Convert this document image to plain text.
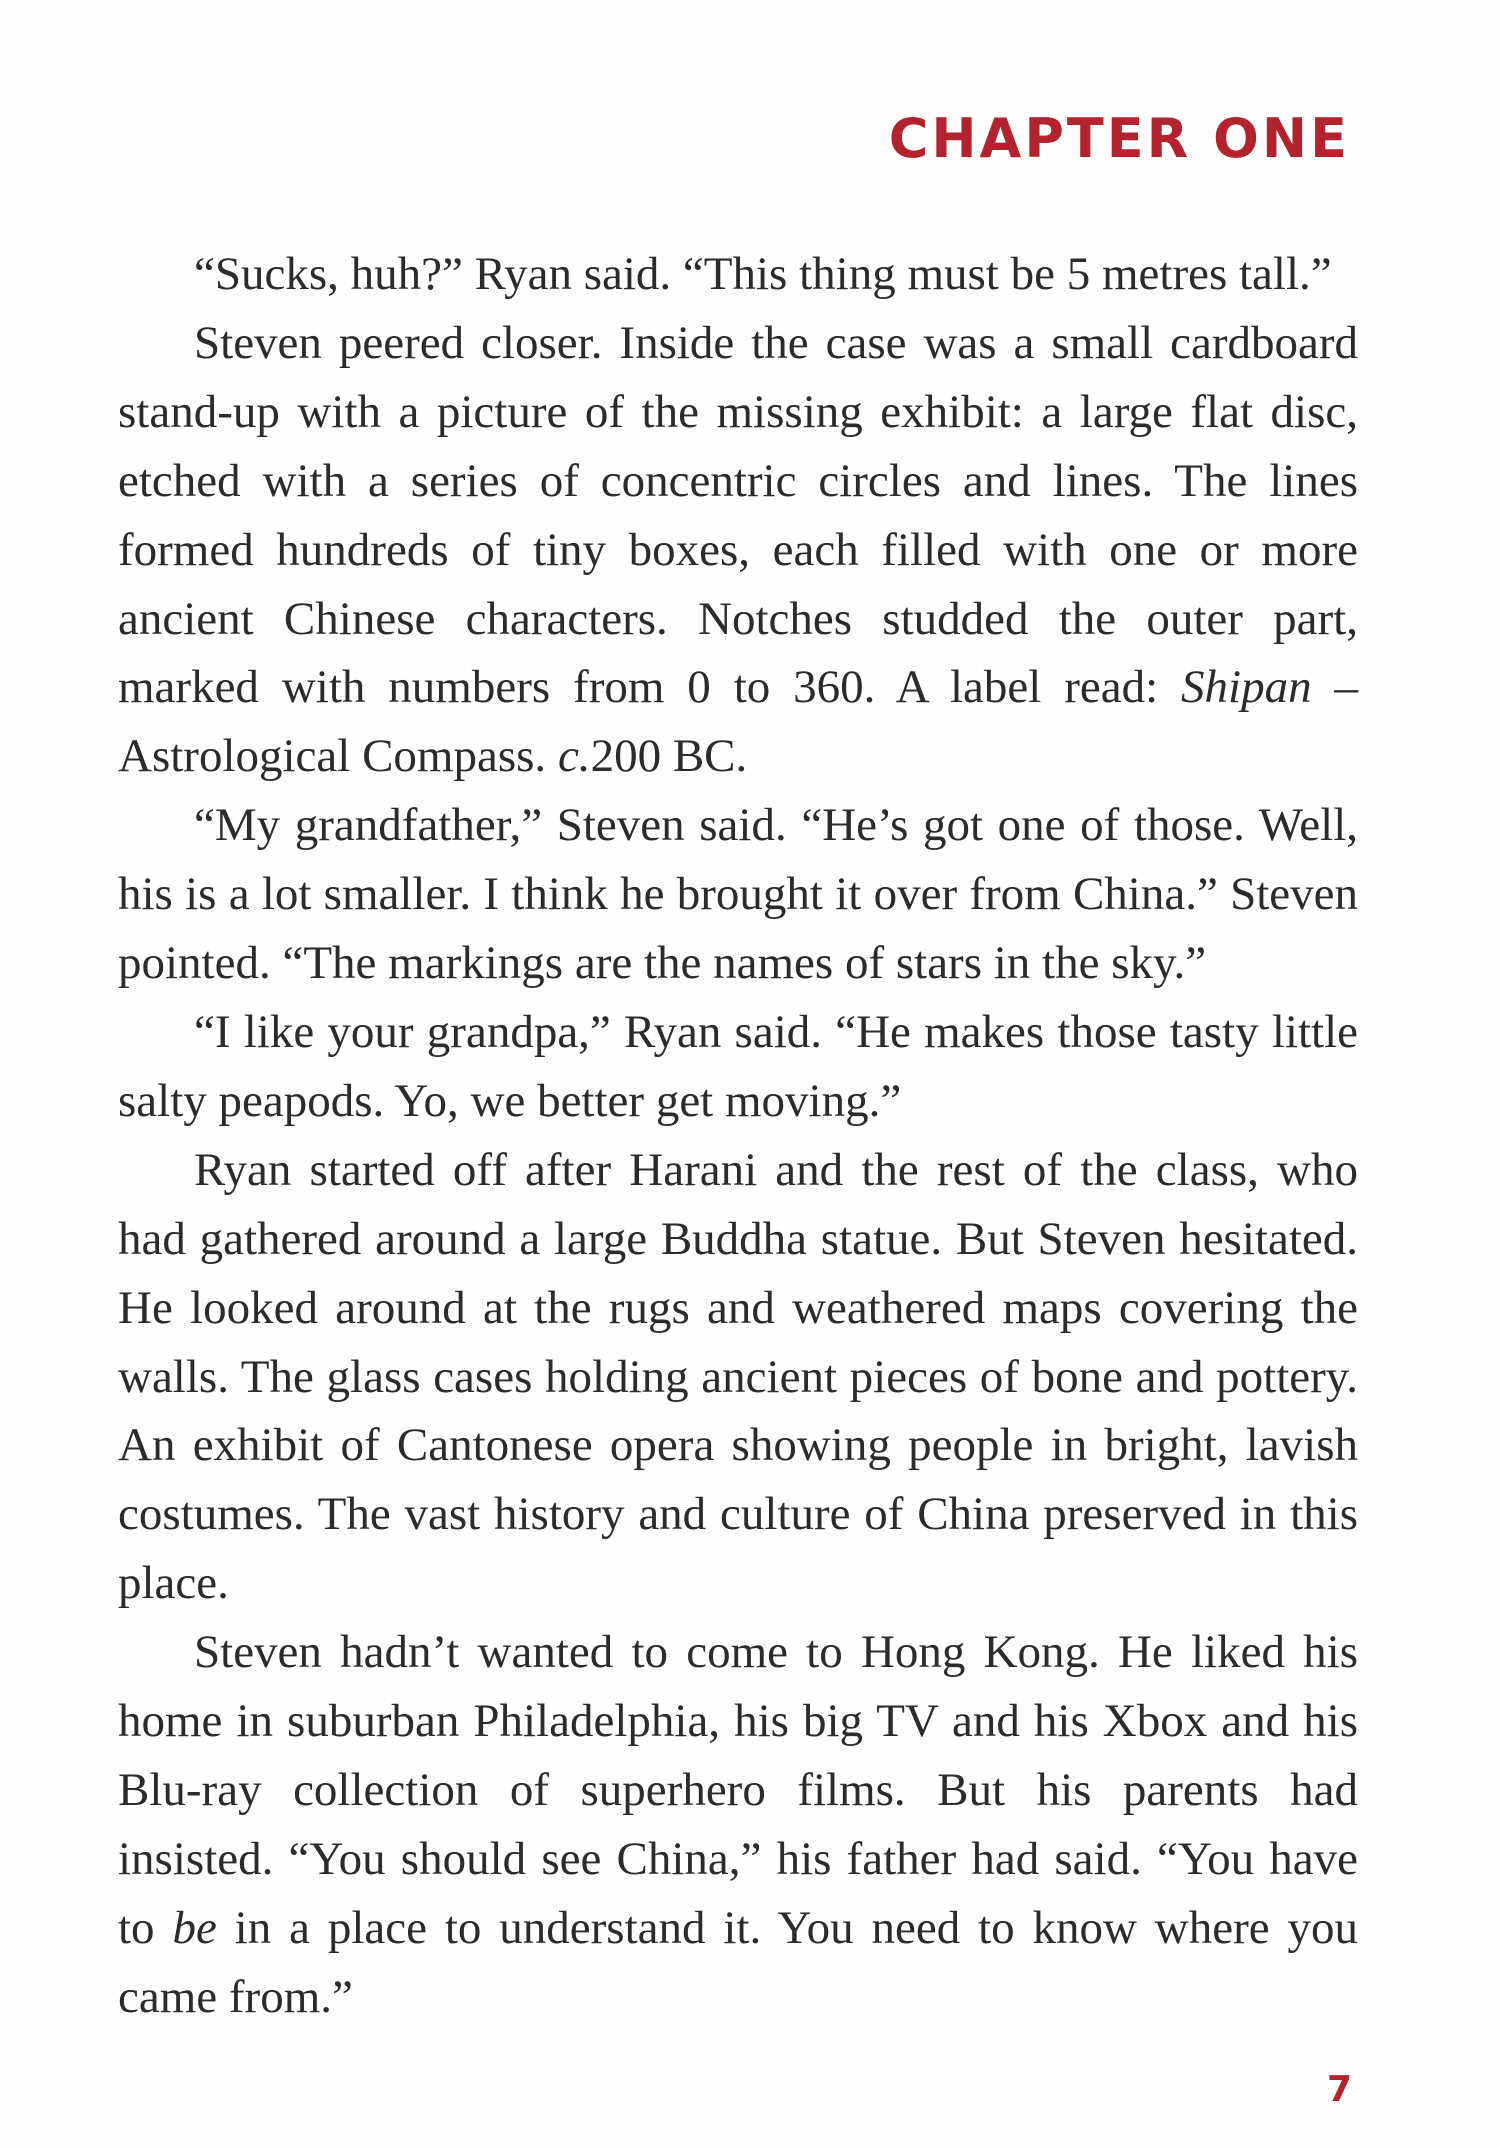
CHAPTER ONE

“Sucks, huh?” Ryan said. “This thing must be 5 metres tall.”

Steven peered closer. Inside the case was a small cardboard stand-up with a picture of the missing exhibit: a large flat disc, etched with a series of concentric circles and lines. The lines formed hundreds of tiny boxes, each filled with one or more ancient Chinese characters. Notches studded the outer part, marked with numbers from 0 to 360. A label read: Shipan – Astrological Compass. c.200 BC.

“My grandfather,” Steven said. “He’s got one of those. Well, his is a lot smaller. I think he brought it over from China.” Steven pointed. “The markings are the names of stars in the sky.”

“I like your grandpa,” Ryan said. “He makes those tasty little salty peapods. Yo, we better get moving.”

Ryan started off after Harani and the rest of the class, who had gathered around a large Buddha statue. But Steven hesitated. He looked around at the rugs and weathered maps covering the walls. The glass cases holding ancient pieces of bone and pottery. An exhibit of Cantonese opera showing people in bright, lavish costumes. The vast history and culture of China preserved in this place.

Steven hadn’t wanted to come to Hong Kong. He liked his home in suburban Philadelphia, his big TV and his Xbox and his Blu-ray collection of superhero films. But his parents had insisted. “You should see China,” his father had said. “You have to be in a place to understand it. You need to know where you came from.”

7
